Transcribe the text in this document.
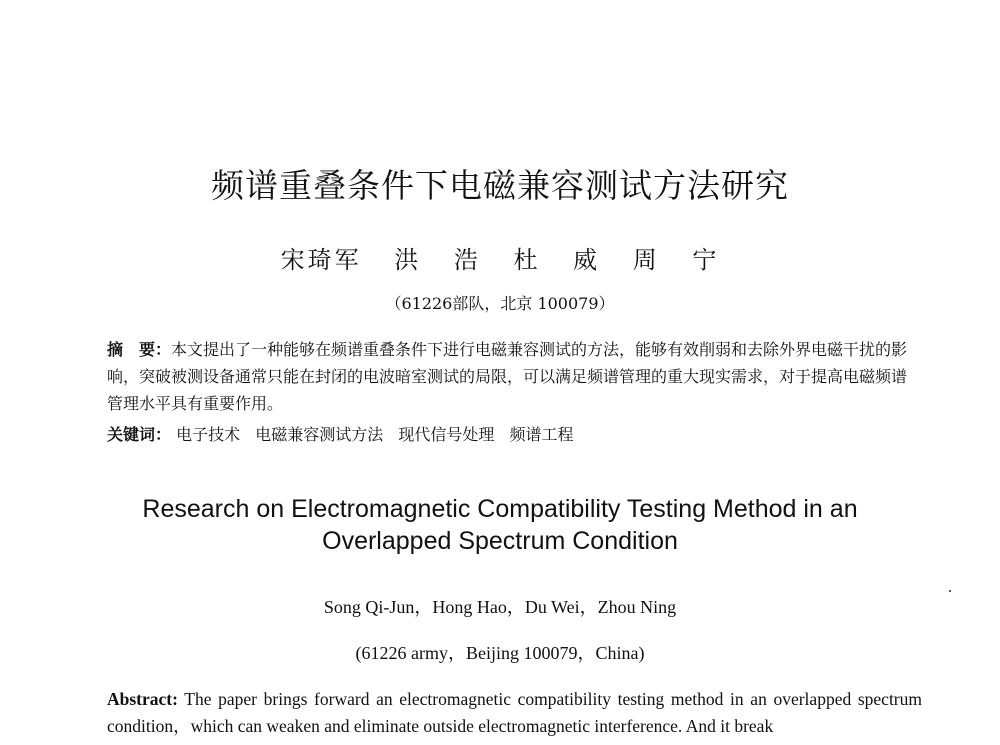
频谱重叠条件下电磁兼容测试方法研究
宋琦军 洪 浩 杜 威 周 宁
（61226部队，北京 100079）
摘　要：本文提出了一种能够在频谱重叠条件下进行电磁兼容测试的方法，能够有效削弱和去除外界电磁干扰的影响，突破被测设备通常只能在封闭的电波暗室测试的局限，可以满足频谱管理的重大现实需求，对于提高电磁频谱管理水平具有重要作用。
关键词： 电子技术 电磁兼容测试方法 现代信号处理 频谱工程
Research on Electromagnetic Compatibility Testing Method in an
Overlapped Spectrum Condition
Song Qi-Jun，Hong Hao，Du Wei，Zhou Ning
(61226 army，Beijing 100079，China)
Abstract: The paper brings forward an electromagnetic compatibility testing method in an overlapped spectrum condition，which can weaken and eliminate outside electromagnetic interference. And it break
